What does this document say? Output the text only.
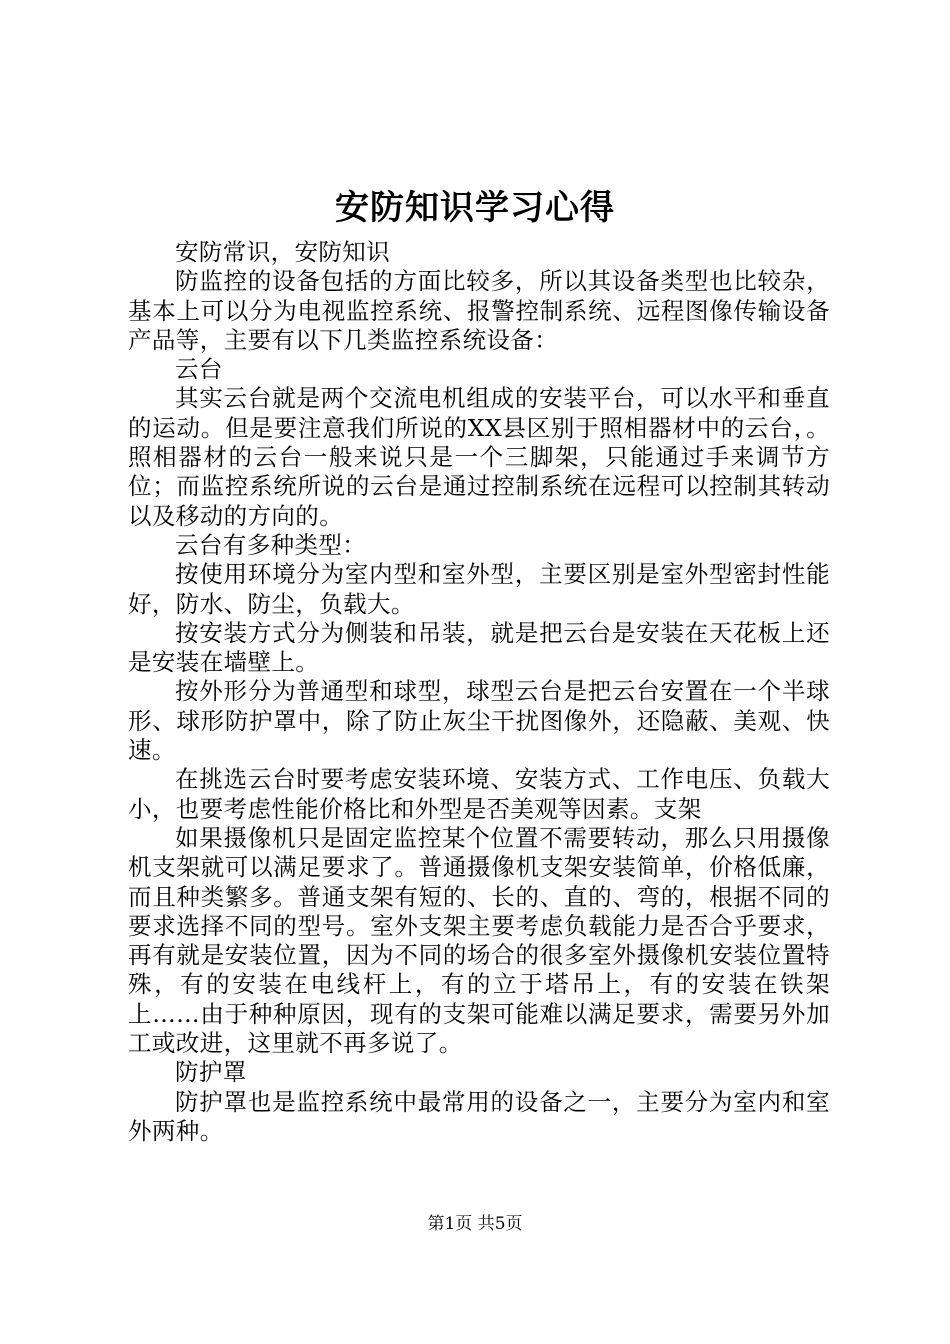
安防知识学习心得

安防常识，安防知识

防监控的设备包括的方面比较多，所以其设备类型也比较杂，基本上可以分为电视监控系统、报警控制系统、远程图像传输设备产品等，主要有以下几类监控系统设备：

云台

其实云台就是两个交流电机组成的安装平台，可以水平和垂直的运动。但是要注意我们所说的XX县区别于照相器材中的云台，。照相器材的云台一般来说只是一个三脚架，只能通过手来调节方位；而监控系统所说的云台是通过控制系统在远程可以控制其转动以及移动的方向的。

云台有多种类型：

按使用环境分为室内型和室外型，主要区别是室外型密封性能好，防水、防尘，负载大。

按安装方式分为侧装和吊装，就是把云台是安装在天花板上还是安装在墙壁上。

按外形分为普通型和球型，球型云台是把云台安置在一个半球形、球形防护罩中，除了防止灰尘干扰图像外，还隐蔽、美观、快速。

在挑选云台时要考虑安装环境、安装方式、工作电压、负载大小，也要考虑性能价格比和外型是否美观等因素。支架

如果摄像机只是固定监控某个位置不需要转动，那么只用摄像机支架就可以满足要求了。普通摄像机支架安装简单，价格低廉，而且种类繁多。普通支架有短的、长的、直的、弯的，根据不同的要求选择不同的型号。室外支架主要考虑负载能力是否合乎要求，再有就是安装位置，因为不同的场合的很多室外摄像机安装位置特殊，有的安装在电线杆上，有的立于塔吊上，有的安装在铁架上……由于种种原因，现有的支架可能难以满足要求，需要另外加工或改进，这里就不再多说了。

防护罩

防护罩也是监控系统中最常用的设备之一，主要分为室内和室外两种。

第1页 共5页
